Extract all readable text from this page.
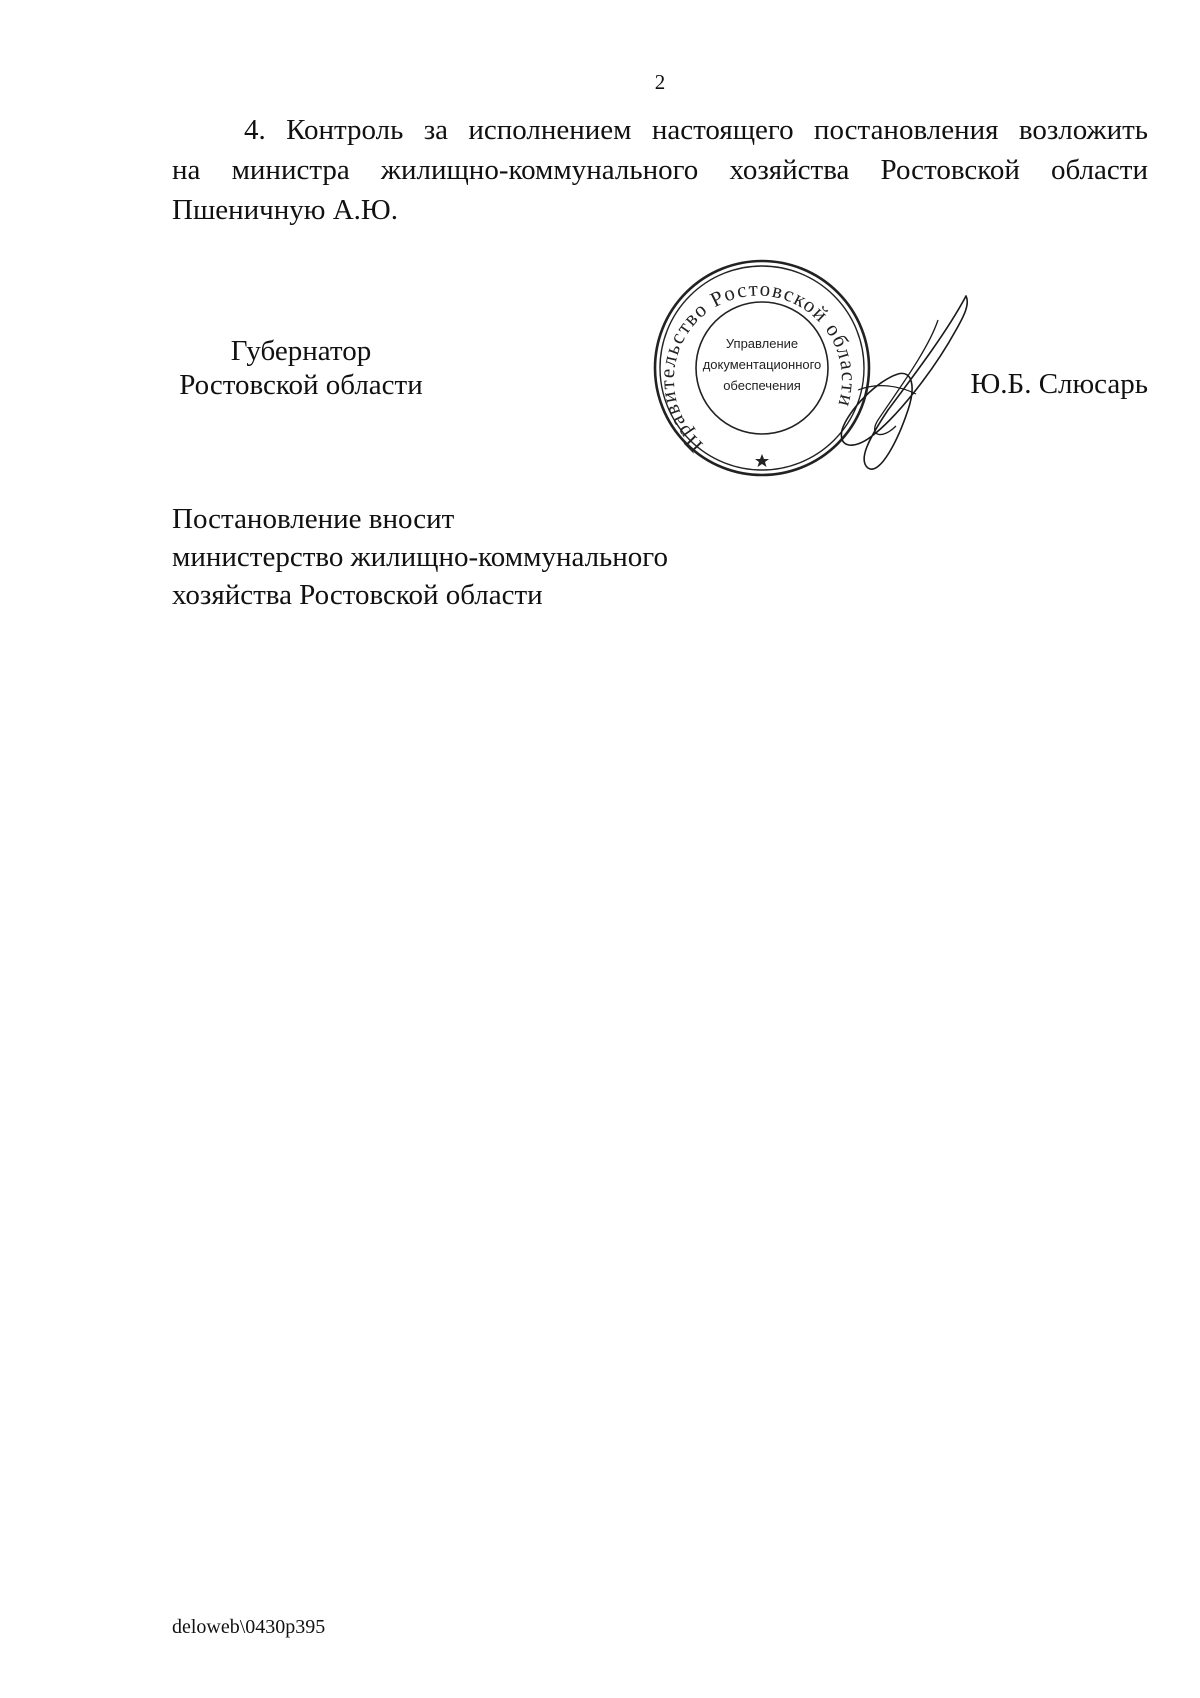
2
4. Контроль за исполнением настоящего постановления возложить
на министра жилищно-коммунального хозяйства Ростовской области
Пшеничную А.Ю.
Губернатор
Ростовской области
Правительство Ростовской области
Управление
документационного
обеспечения	Ю.Б. Слюсарь
Постановление вносит
министерство жилищно-коммунального
хозяйства Ростовской области
deloweb\0430p395
